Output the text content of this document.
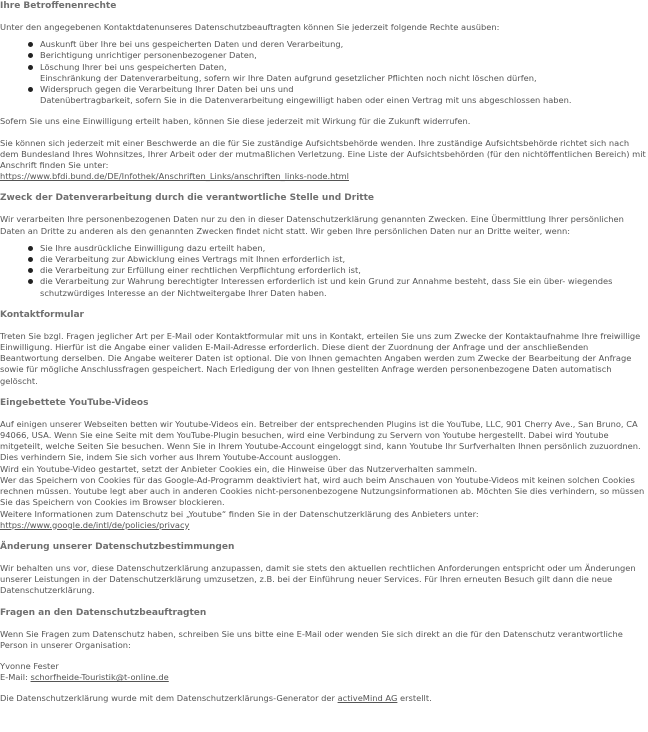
Ihre Betroffenenrechte

Unter den angegebenen Kontaktdatenunseres Datenschutzbeauftragten können Sie jederzeit folgende Rechte ausüben:

Auskunft über Ihre bei uns gespeicherten Daten und deren Verarbeitung,
Berichtigung unrichtiger personenbezogener Daten,
Löschung Ihrer bei uns gespeicherten Daten,
Einschränkung der Datenverarbeitung, sofern wir Ihre Daten aufgrund gesetzlicher Pflichten noch nicht löschen dürfen,
Widerspruch gegen die Verarbeitung Ihrer Daten bei uns und
Datenübertragbarkeit, sofern Sie in die Datenverarbeitung eingewilligt haben oder einen Vertrag mit uns abgeschlossen haben.

Sofern Sie uns eine Einwilligung erteilt haben, können Sie diese jederzeit mit Wirkung für die Zukunft widerrufen.

Sie können sich jederzeit mit einer Beschwerde an die für Sie zuständige Aufsichtsbehörde wenden. Ihre zuständige Aufsichtsbehörde richtet sich nach dem Bundesland Ihres Wohnsitzes, Ihrer Arbeit oder der mutmaßlichen Verletzung. Eine Liste der Aufsichtsbehörden (für den nichtöffentlichen Bereich) mit Anschrift finden Sie unter:

https://www.bfdi.bund.de/DE/Infothek/Anschriften_Links/anschriften_links-node.html

Zweck der Datenverarbeitung durch die verantwortliche Stelle und Dritte

Wir verarbeiten Ihre personenbezogenen Daten nur zu den in dieser Datenschutzerklärung genannten Zwecken. Eine Übermittlung Ihrer persönlichen Daten an Dritte zu anderen als den genannten Zwecken findet nicht statt. Wir geben Ihre persönlichen Daten nur an Dritte weiter, wenn:

Sie Ihre ausdrückliche Einwilligung dazu erteilt haben,
die Verarbeitung zur Abwicklung eines Vertrags mit Ihnen erforderlich ist,
die Verarbeitung zur Erfüllung einer rechtlichen Verpflichtung erforderlich ist,
die Verarbeitung zur Wahrung berechtigter Interessen erforderlich ist und kein Grund zur Annahme besteht, dass Sie ein über- wiegendes schutzwürdiges Interesse an der Nichtweitergabe Ihrer Daten haben.
Kontaktformular

Treten Sie bzgl. Fragen jeglicher Art per E-Mail oder Kontaktformular mit uns in Kontakt, erteilen Sie uns zum Zwecke der Kontaktaufnahme Ihre freiwillige Einwilligung. Hierfür ist die Angabe einer validen E-Mail-Adresse erforderlich. Diese dient der Zuordnung der Anfrage und der anschließenden Beantwortung derselben. Die Angabe weiterer Daten ist optional. Die von Ihnen gemachten Angaben werden zum Zwecke der Bearbeitung der Anfrage sowie für mögliche Anschlussfragen gespeichert. Nach Erledigung der von Ihnen gestellten Anfrage werden personenbezogene Daten automatisch gelöscht.

Eingebettete YouTube-Videos

Auf einigen unserer Webseiten betten wir Youtube-Videos ein. Betreiber der entsprechenden Plugins ist die YouTube, LLC, 901 Cherry Ave., San Bruno, CA 94066, USA. Wenn Sie eine Seite mit dem YouTube-Plugin besuchen, wird eine Verbindung zu Servern von Youtube hergestellt. Dabei wird Youtube mitgeteilt, welche Seiten Sie besuchen. Wenn Sie in Ihrem Youtube-Account eingeloggt sind, kann Youtube Ihr Surfverhalten Ihnen persönlich zuzuordnen. Dies verhindern Sie, indem Sie sich vorher aus Ihrem Youtube-Account ausloggen.

Wird ein Youtube-Video gestartet, setzt der Anbieter Cookies ein, die Hinweise über das Nutzerverhalten sammeln.

Wer das Speichern von Cookies für das Google-Ad-Programm deaktiviert hat, wird auch beim Anschauen von Youtube-Videos mit keinen solchen Cookies rechnen müssen. Youtube legt aber auch in anderen Cookies nicht-personenbezogene Nutzungsinformationen ab. Möchten Sie dies verhindern, so müssen Sie das Speichern von Cookies im Browser blockieren.

Weitere Informationen zum Datenschutz bei „Youtube“ finden Sie in der Datenschutzerklärung des Anbieters unter:

https://www.google.de/intl/de/policies/privacy

Änderung unserer Datenschutzbestimmungen

Wir behalten uns vor, diese Datenschutzerklärung anzupassen, damit sie stets den aktuellen rechtlichen Anforderungen entspricht oder um Änderungen unserer Leistungen in der Datenschutzerklärung umzusetzen, z.B. bei der Einführung neuer Services. Für Ihren erneuten Besuch gilt dann die neue Datenschutzerklärung.

Fragen an den Datenschutzbeauftragten

Wenn Sie Fragen zum Datenschutz haben, schreiben Sie uns bitte eine E-Mail oder wenden Sie sich direkt an die für den Datenschutz verantwortliche Person in unserer Organisation:

Yvonne Fester

E-Mail: schorfheide-Touristik@t-online.de

Die Datenschutzerklärung wurde mit dem Datenschutzerklärungs-Generator der activeMind AG erstellt.
